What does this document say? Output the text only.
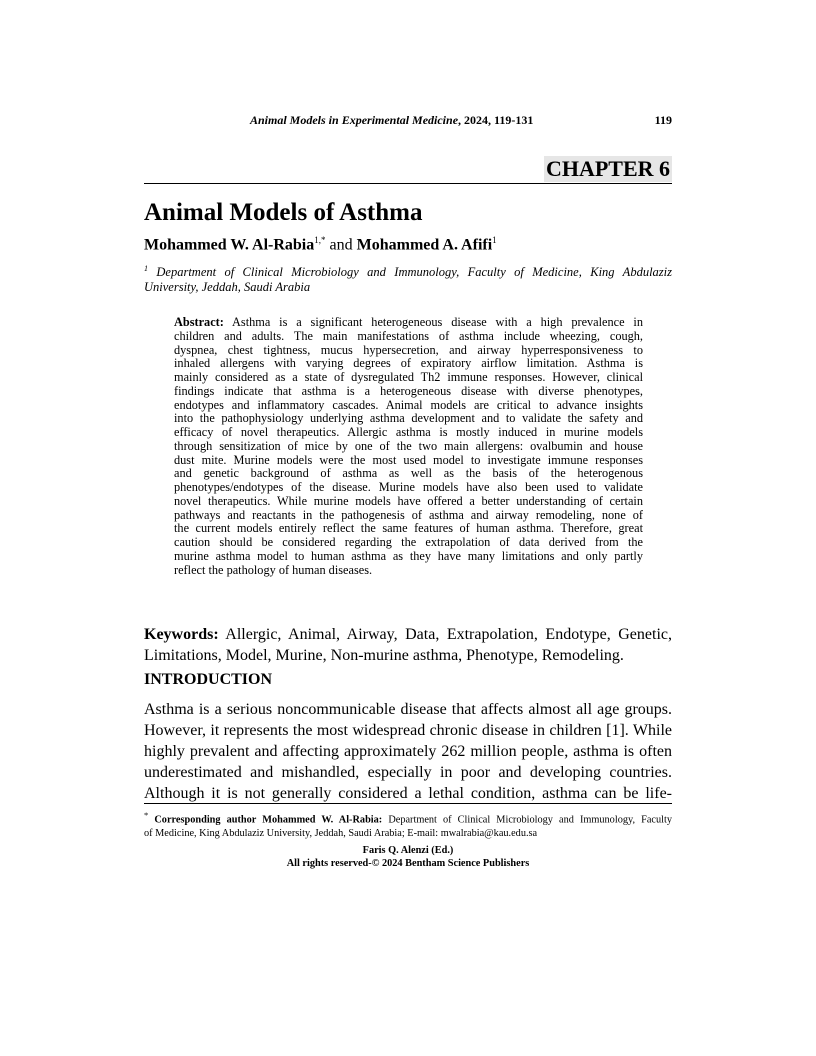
Animal Models in Experimental Medicine, 2024, 119-131	119
CHAPTER 6
Animal Models of Asthma
Mohammed W. Al-Rabia$^{1,*}$ and Mohammed A. Afifi$^1$
$^1$ Department of Clinical Microbiology and Immunology, Faculty of Medicine, King Abdulaziz
University, Jeddah, Saudi Arabia
Abstract: Asthma is a significant heterogeneous disease with a high prevalence in
children and adults. The main manifestations of asthma include wheezing, cough,
dyspnea, chest tightness, mucus hypersecretion, and airway hyperresponsiveness to
inhaled allergens with varying degrees of expiratory airflow limitation. Asthma is
mainly considered as a state of dysregulated Th2 immune responses. However, clinical
findings indicate that asthma is a heterogeneous disease with diverse phenotypes,
endotypes and inflammatory cascades. Animal models are critical to advance insights
into the pathophysiology underlying asthma development and to validate the safety and
efficacy of novel therapeutics. Allergic asthma is mostly induced in murine models
through sensitization of mice by one of the two main allergens: ovalbumin and house
dust mite. Murine models were the most used model to investigate immune responses
and genetic background of asthma as well as the basis of the heterogenous
phenotypes/endotypes of the disease. Murine models have also been used to validate
novel therapeutics. While murine models have offered a better understanding of certain
pathways and reactants in the pathogenesis of asthma and airway remodeling, none of
the current models entirely reflect the same features of human asthma. Therefore, great
caution should be considered regarding the extrapolation of data derived from the
murine asthma model to human asthma as they have many limitations and only partly
reflect the pathology of human diseases.
Keywords: Allergic, Animal, Airway, Data, Extrapolation, Endotype, Genetic,
Limitations, Model, Murine, Non-murine asthma, Phenotype, Remodeling.
INTRODUCTION
Asthma is a serious noncommunicable disease that affects almost all age groups.
However, it represents the most widespread chronic disease in children [1]. While
highly prevalent and affecting approximately 262 million people, asthma is often
underestimated and mishandled, especially in poor and developing countries.
Although it is not generally considered a lethal condition, asthma can be life-
* Corresponding author Mohammed W. Al-Rabia: Department of Clinical Microbiology and Immunology, Faculty
of Medicine, King Abdulaziz University, Jeddah, Saudi Arabia; E-mail: mwalrabia@kau.edu.sa
Faris Q. Alenzi (Ed.)
All rights reserved-© 2024 Bentham Science Publishers
